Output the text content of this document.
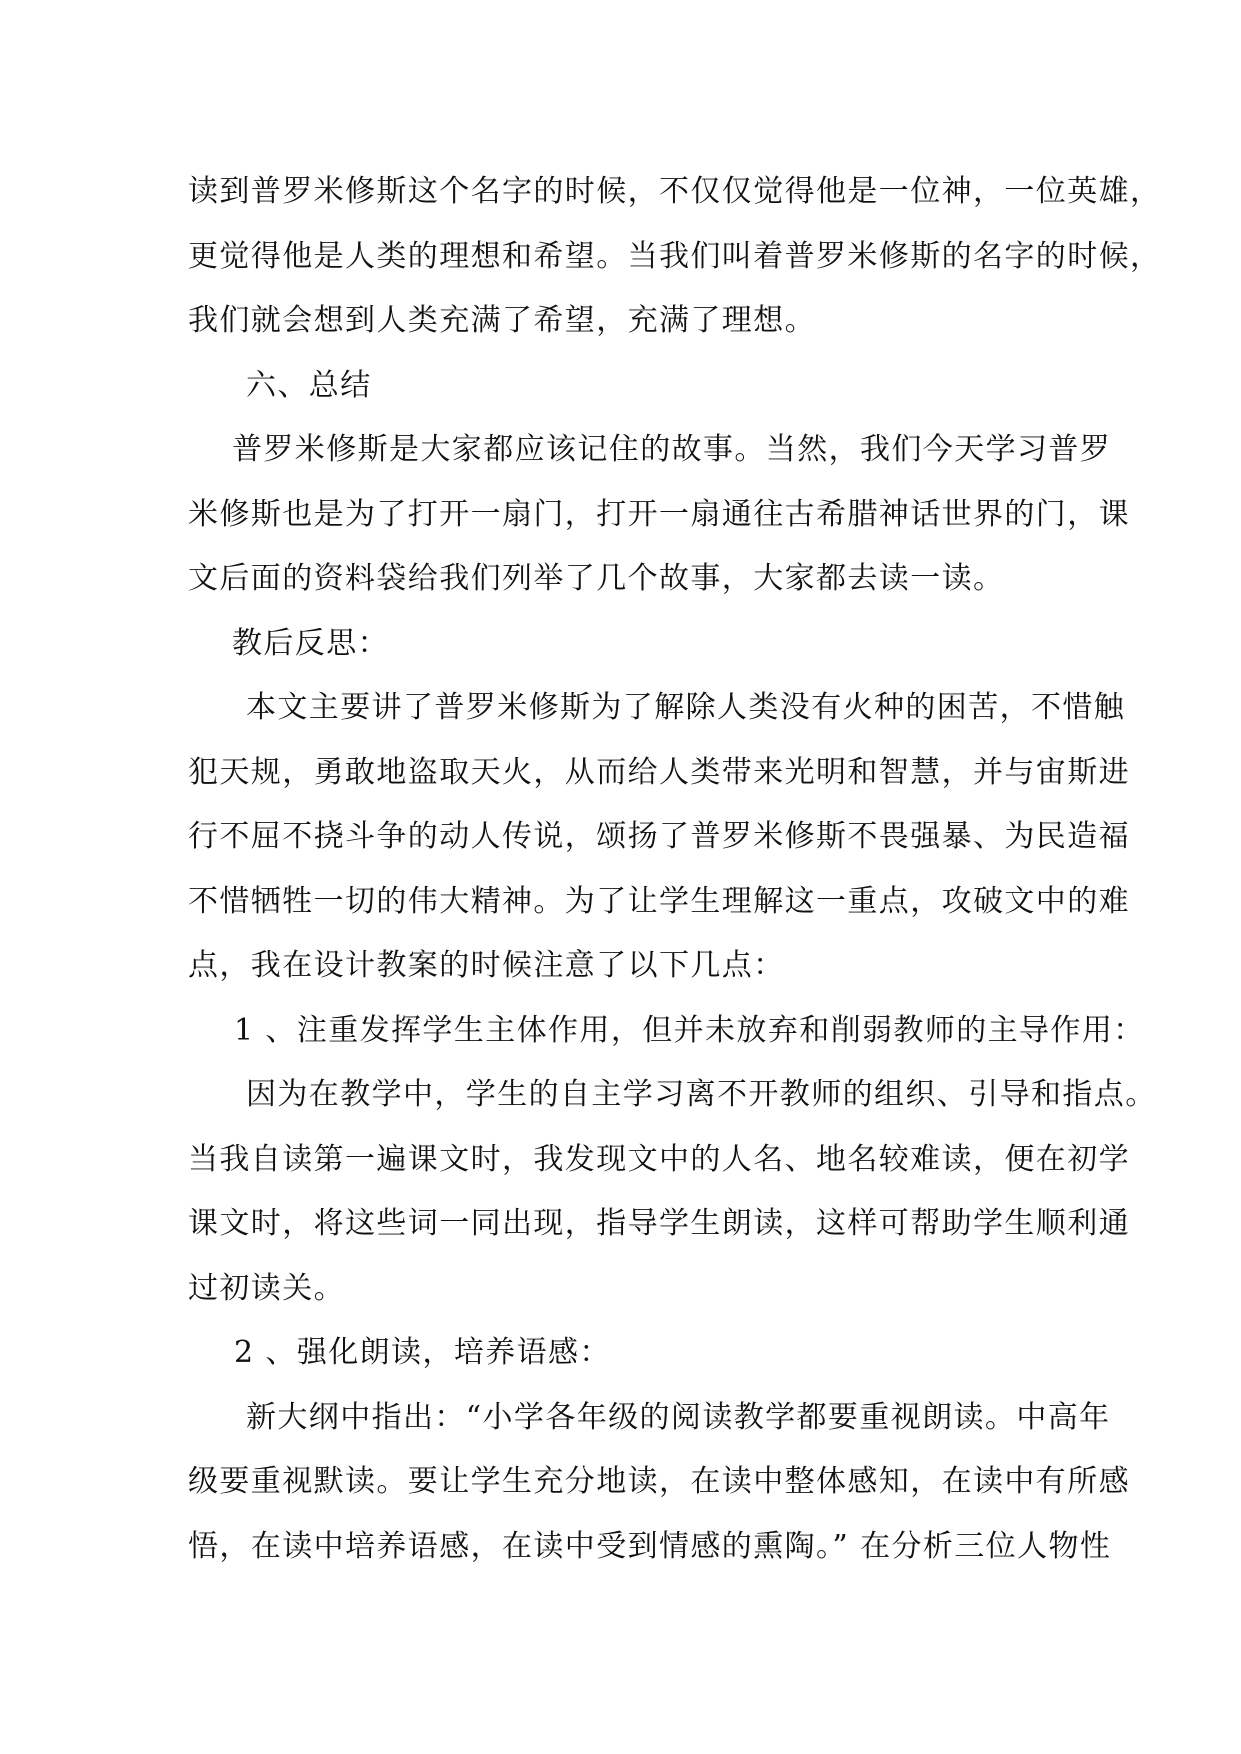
读到普罗米修斯这个名字的时候，不仅仅觉得他是一位神，一位英雄，
更觉得他是人类的理想和希望。当我们叫着普罗米修斯的名字的时候，
我们就会想到人类充满了希望，充满了理想。
六、总结
普罗米修斯是大家都应该记住的故事。当然，我们今天学习普罗
米修斯也是为了打开一扇门，打开一扇通往古希腊神话世界的门，课
文后面的资料袋给我们列举了几个故事，大家都去读一读。
教后反思：
本文主要讲了普罗米修斯为了解除人类没有火种的困苦，不惜触
犯天规，勇敢地盗取天火，从而给人类带来光明和智慧，并与宙斯进
行不屈不挠斗争的动人传说，颂扬了普罗米修斯不畏强暴、为民造福
不惜牺牲一切的伟大精神。为了让学生理解这一重点，攻破文中的难
点，我在设计教案的时候注意了以下几点：
1 、注重发挥学生主体作用，但并未放弃和削弱教师的主导作用：
因为在教学中，学生的自主学习离不开教师的组织、引导和指点。
当我自读第一遍课文时，我发现文中的人名、地名较难读，便在初学
课文时，将这些词一同出现，指导学生朗读，这样可帮助学生顺利通
过初读关。
2 、强化朗读，培养语感：
新大纲中指出：“小学各年级的阅读教学都要重视朗读。中高年
级要重视默读。要让学生充分地读，在读中整体感知，在读中有所感
悟，在读中培养语感，在读中受到情感的熏陶。” 在分析三位人物性
